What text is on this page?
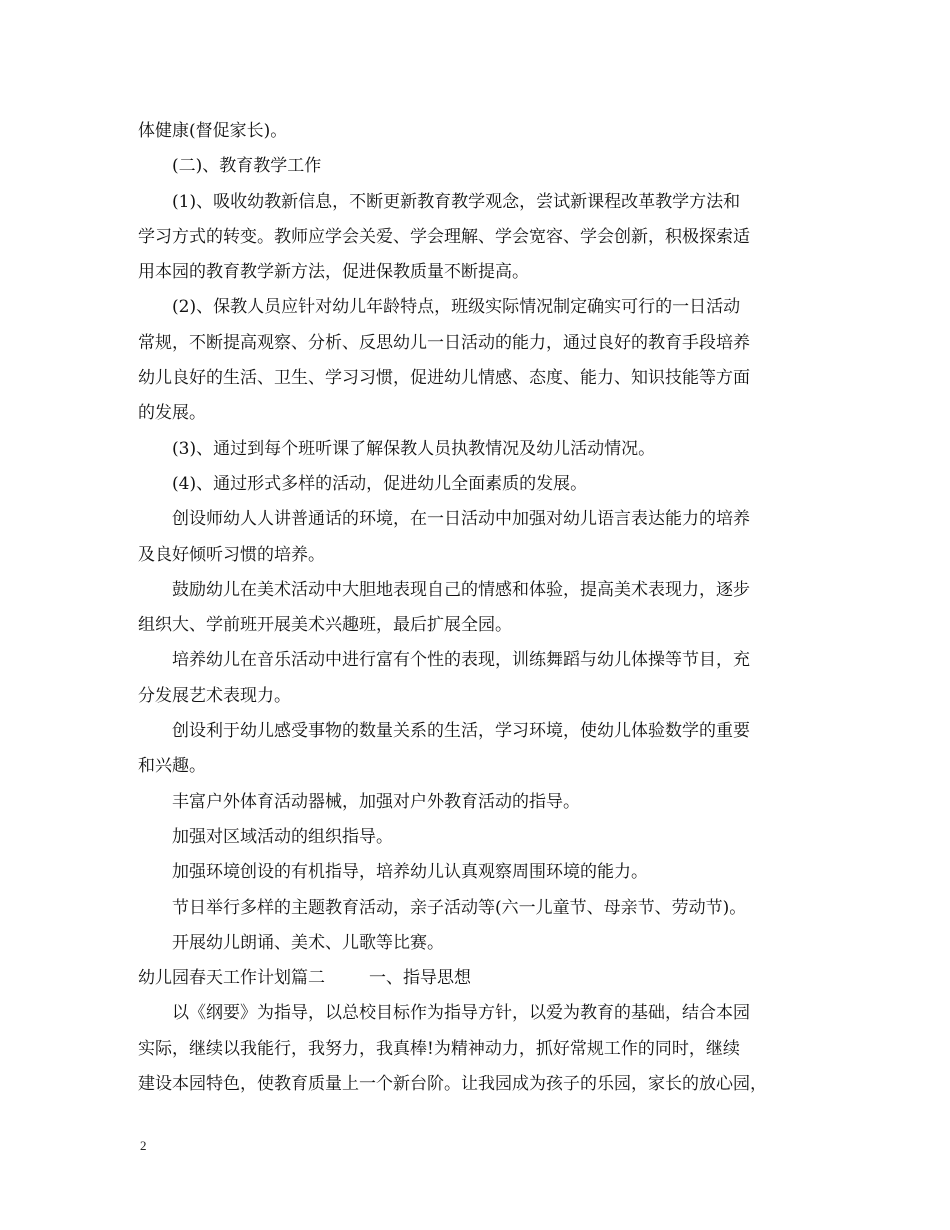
体健康(督促家长)。
(二)、教育教学工作
(1)、吸收幼教新信息，不断更新教育教学观念，尝试新课程改革教学方法和
学习方式的转变。教师应学会关爱、学会理解、学会宽容、学会创新，积极探索适
用本园的教育教学新方法，促进保教质量不断提高。
(2)、保教人员应针对幼儿年龄特点，班级实际情况制定确实可行的一日活动
常规，不断提高观察、分析、反思幼儿一日活动的能力，通过良好的教育手段培养
幼儿良好的生活、卫生、学习习惯，促进幼儿情感、态度、能力、知识技能等方面
的发展。
(3)、通过到每个班听课了解保教人员执教情况及幼儿活动情况。
(4)、通过形式多样的活动，促进幼儿全面素质的发展。
创设师幼人人讲普通话的环境，在一日活动中加强对幼儿语言表达能力的培养
及良好倾听习惯的培养。
鼓励幼儿在美术活动中大胆地表现自己的情感和体验，提高美术表现力，逐步
组织大、学前班开展美术兴趣班，最后扩展全园。
培养幼儿在音乐活动中进行富有个性的表现，训练舞蹈与幼儿体操等节目，充
分发展艺术表现力。
创设利于幼儿感受事物的数量关系的生活，学习环境，使幼儿体验数学的重要
和兴趣。
丰富户外体育活动器械，加强对户外教育活动的指导。
加强对区域活动的组织指导。
加强环境创设的有机指导，培养幼儿认真观察周围环境的能力。
节日举行多样的主题教育活动，亲子活动等(六一儿童节、母亲节、劳动节)。
开展幼儿朗诵、美术、儿歌等比赛。
幼儿园春天工作计划篇二	一、指导思想
以《纲要》为指导，以总校目标作为指导方针，以爱为教育的基础，结合本园
实际，继续以我能行，我努力，我真棒!为精神动力，抓好常规工作的同时，继续
建设本园特色，使教育质量上一个新台阶。让我园成为孩子的乐园，家长的放心园，
2
